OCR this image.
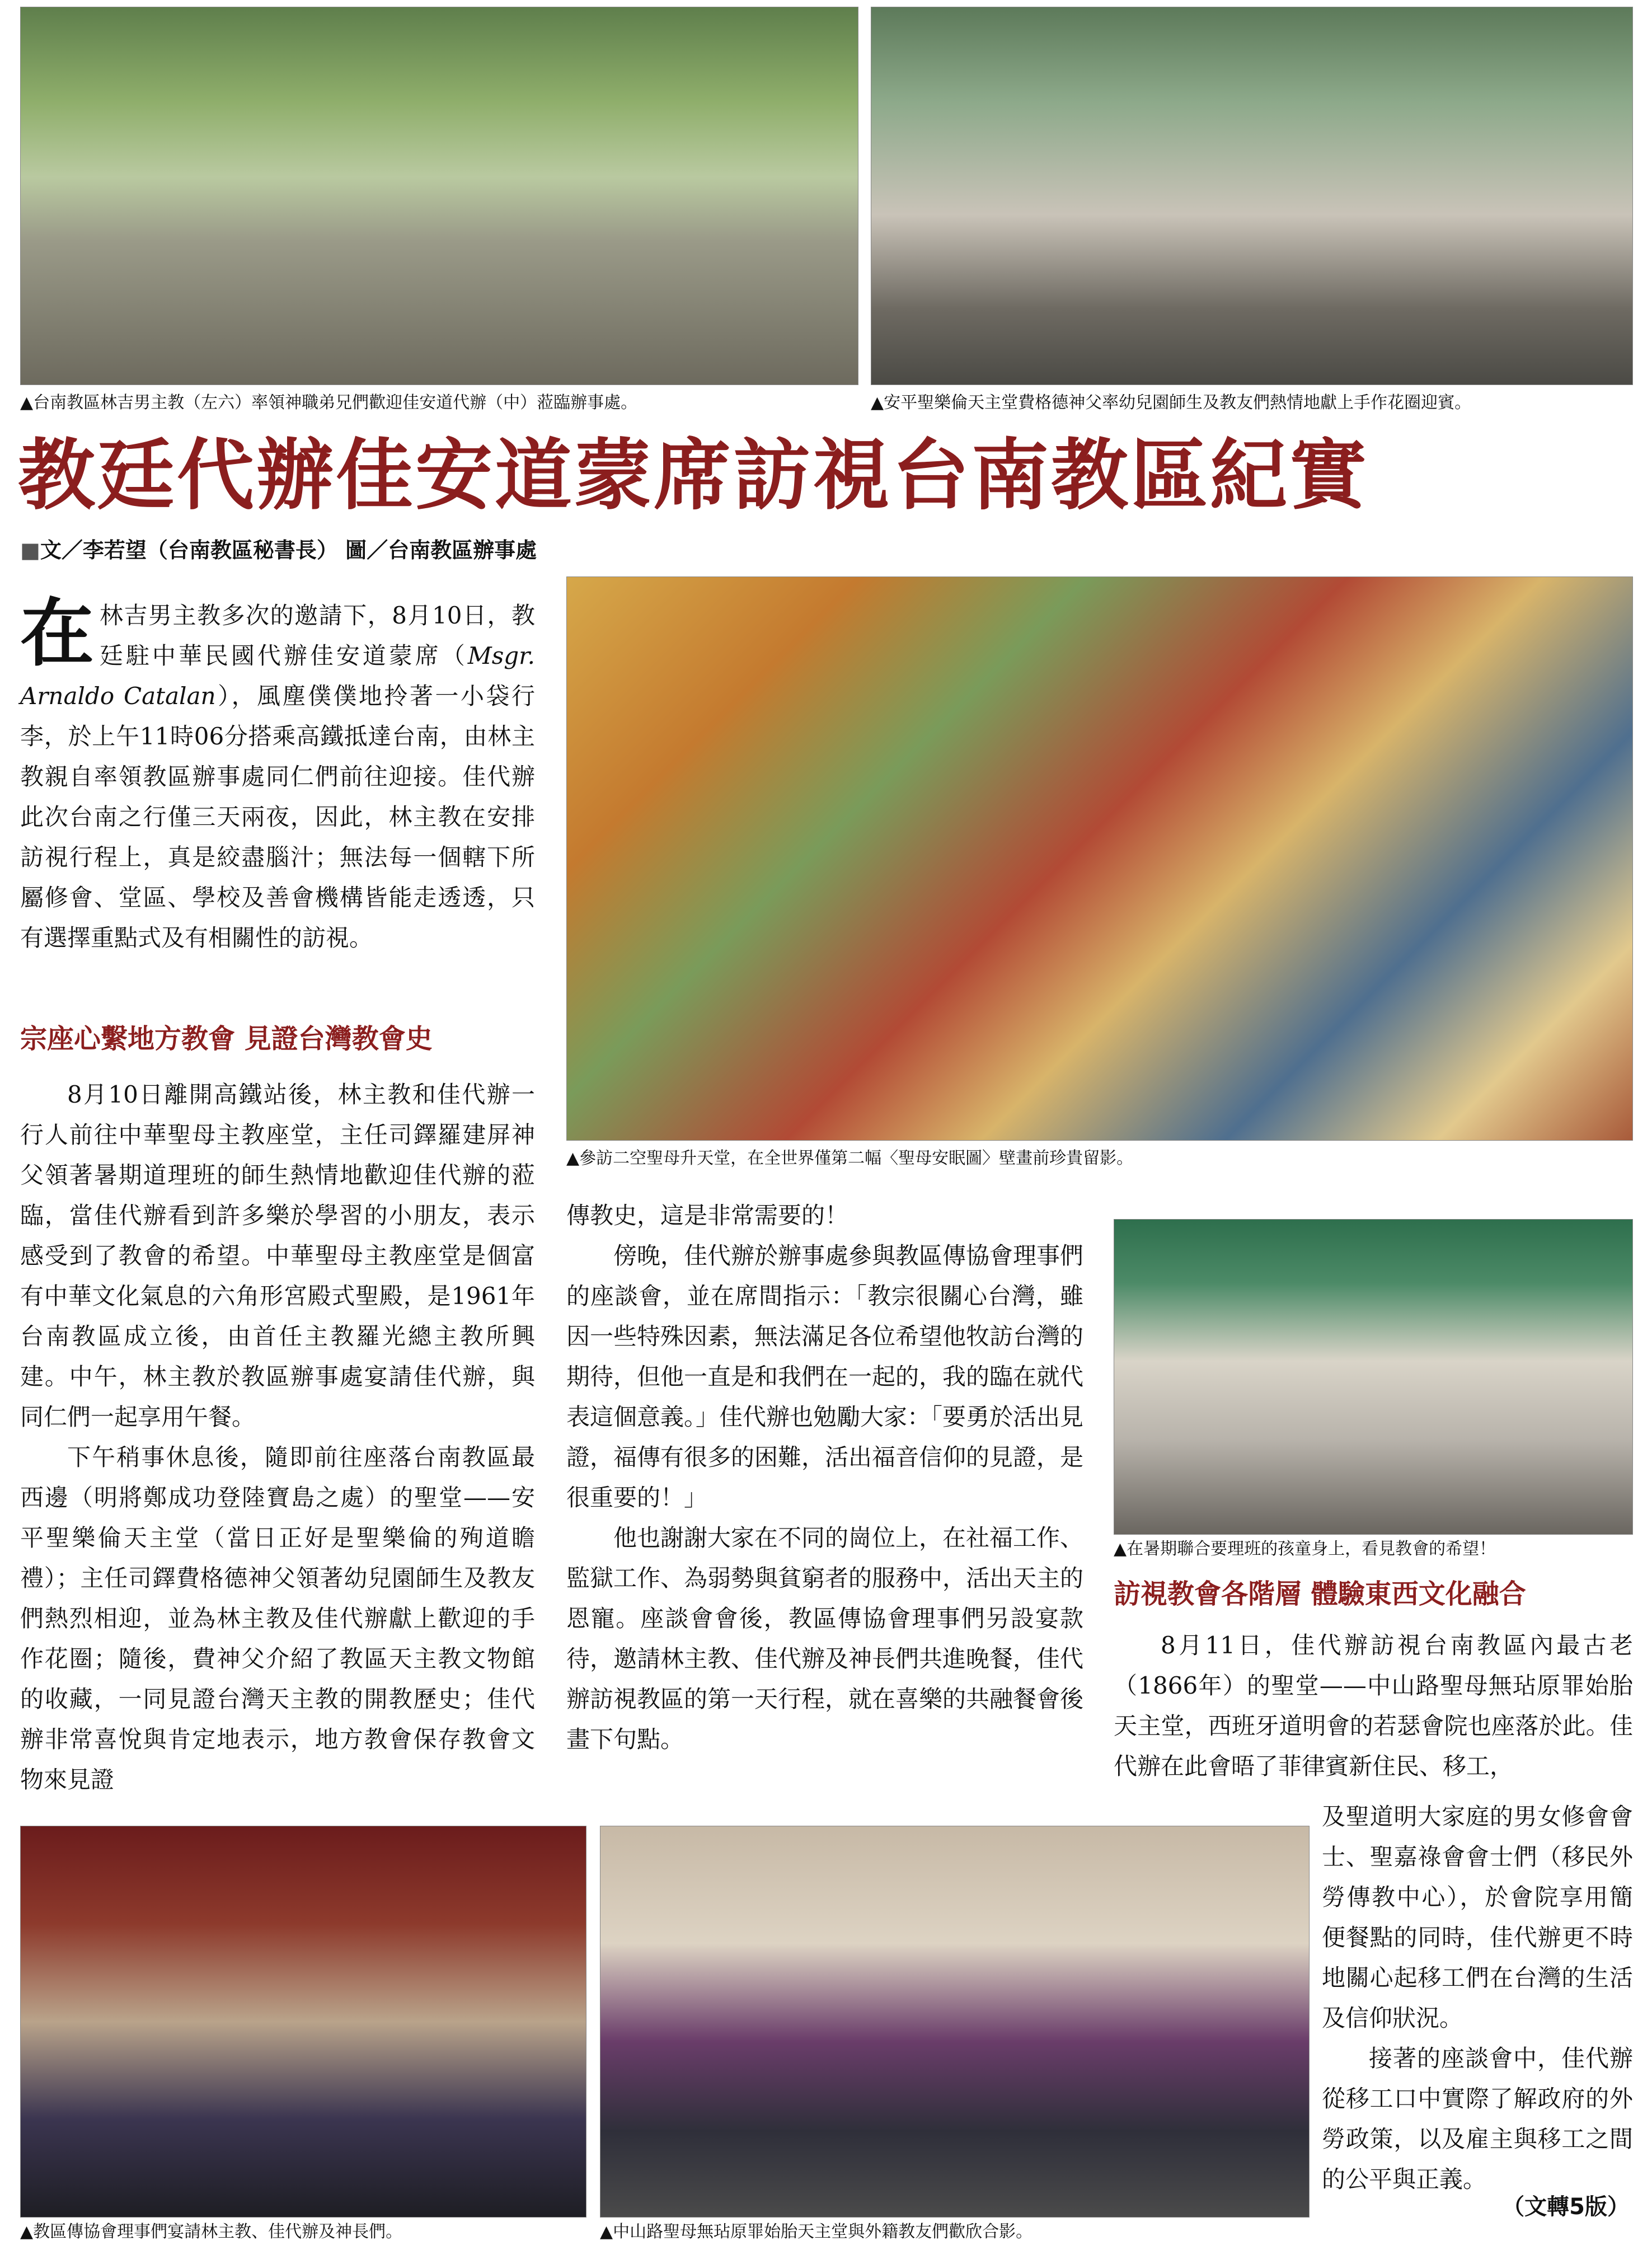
▲台南教區林吉男主教（左六）率領神職弟兄們歡迎佳安道代辦（中）蒞臨辦事處。	▲安平聖樂倫天主堂費格德神父率幼兒園師生及教友們熱情地獻上手作花圈迎賓。
教廷代辦佳安道蒙席訪視台南教區紀實
■文／李若望（台南教區秘書長） 圖／台南教區辦事處

在林吉男主教多次的邀請下，8月10日，教廷駐中華民國代辦佳安道蒙席（Msgr. Arnaldo Catalan），風塵僕僕地拎著一小袋行李，於上午11時06分搭乘高鐵抵達台南，由林主教親自率領教區辦事處同仁們前往迎接。佳代辦此次台南之行僅三天兩夜，因此，林主教在安排訪視行程上，真是絞盡腦汁；無法每一個轄下所屬修會、堂區、學校及善會機構皆能走透透，只有選擇重點式及有相關性的訪視。

宗座心繫地方教會 見證台灣教會史

8月10日離開高鐵站後，林主教和佳代辦一行人前往中華聖母主教座堂，主任司鐸羅建屏神父領著暑期道理班的師生熱情地歡迎佳代辦的蒞臨，當佳代辦看到許多樂於學習的小朋友，表示感受到了教會的希望。中華聖母主教座堂是個富有中華文化氣息的六角形宮殿式聖殿，是1961年台南教區成立後，由首任主教羅光總主教所興建。中午，林主教於教區辦事處宴請佳代辦，與同仁們一起享用午餐。

下午稍事休息後，隨即前往座落台南教區最西邊（明將鄭成功登陸寶島之處）的聖堂——安平聖樂倫天主堂（當日正好是聖樂倫的殉道瞻禮）；主任司鐸費格德神父領著幼兒園師生及教友們熱烈相迎，並為林主教及佳代辦獻上歡迎的手作花圈；隨後，費神父介紹了教區天主教文物館的收藏，一同見證台灣天主教的開教歷史；佳代辦非常喜悅與肯定地表示，地方教會保存教會文物來見證

▲參訪二空聖母升天堂，在全世界僅第二幅〈聖母安眠圖〉壁畫前珍貴留影。

傳教史，這是非常需要的！

傍晚，佳代辦於辦事處參與教區傳協會理事們的座談會，並在席間指示：「教宗很關心台灣，雖因一些特殊因素，無法滿足各位希望他牧訪台灣的期待，但他一直是和我們在一起的，我的臨在就代表這個意義。」佳代辦也勉勵大家：「要勇於活出見證，福傳有很多的困難，活出福音信仰的見證，是很重要的！」

他也謝謝大家在不同的崗位上，在社福工作、監獄工作、為弱勢與貧窮者的服務中，活出天主的恩寵。座談會會後，教區傳協會理事們另設宴款待，邀請林主教、佳代辦及神長們共進晚餐，佳代辦訪視教區的第一天行程，就在喜樂的共融餐會後畫下句點。

▲在暑期聯合要理班的孩童身上，看見教會的希望！
訪視教會各階層 體驗東西文化融合

8月11日，佳代辦訪視台南教區內最古老（1866年）的聖堂——中山路聖母無玷原罪始胎天主堂，西班牙道明會的若瑟會院也座落於此。佳代辦在此會晤了菲律賓新住民、移工，

▲教區傳協會理事們宴請林主教、佳代辦及神長們。	▲中山路聖母無玷原罪始胎天主堂與外籍教友們歡欣合影。

及聖道明大家庭的男女修會會士、聖嘉祿會會士們（移民外勞傳教中心），於會院享用簡便餐點的同時，佳代辦更不時地關心起移工們在台灣的生活及信仰狀況。

接著的座談會中，佳代辦從移工口中實際了解政府的外勞政策，以及雇主與移工之間的公平與正義。

（文轉5版）
